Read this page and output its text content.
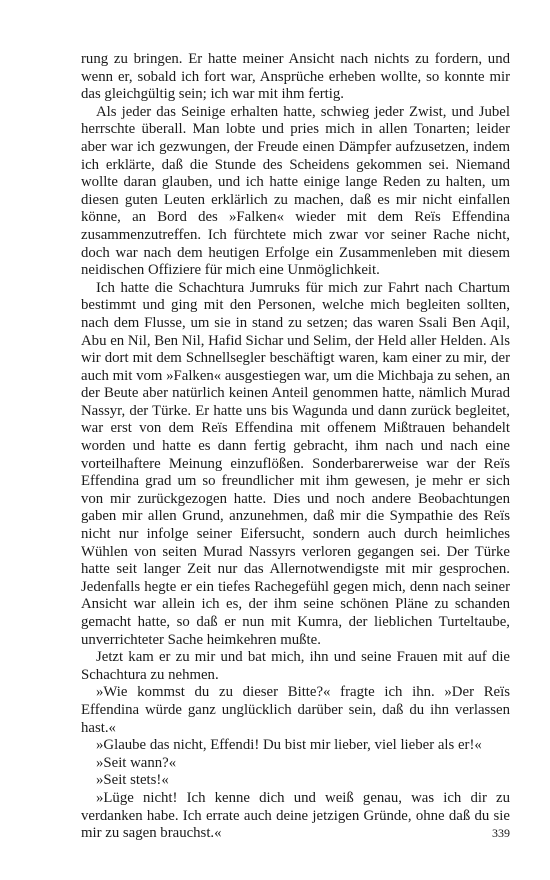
rung zu bringen. Er hatte meiner Ansicht nach nichts zu fordern, und wenn er, sobald ich fort war, Ansprüche erheben wollte, so konnte mir das gleichgültig sein; ich war mit ihm fertig.

Als jeder das Seinige erhalten hatte, schwieg jeder Zwist, und Jubel herrschte überall. Man lobte und pries mich in allen Tonarten; leider aber war ich gezwungen, der Freude einen Dämpfer aufzusetzen, indem ich erklärte, daß die Stunde des Scheidens gekommen sei. Niemand wollte daran glauben, und ich hatte einige lange Reden zu halten, um diesen guten Leuten erklärlich zu machen, daß es mir nicht einfallen könne, an Bord des »Falken« wieder mit dem Reïs Effendina zusammenzutreffen. Ich fürchtete mich zwar vor seiner Rache nicht, doch war nach dem heutigen Erfolge ein Zusammenleben mit diesem neidischen Offiziere für mich eine Unmöglichkeit.

Ich hatte die Schachtura Jumruks für mich zur Fahrt nach Chartum bestimmt und ging mit den Personen, welche mich begleiten sollten, nach dem Flusse, um sie in stand zu setzen; das waren Ssali Ben Aqil, Abu en Nil, Ben Nil, Hafid Sichar und Selim, der Held aller Helden. Als wir dort mit dem Schnellsegler beschäftigt waren, kam einer zu mir, der auch mit vom »Falken« ausgestiegen war, um die Michbaja zu sehen, an der Beute aber natürlich keinen Anteil genommen hatte, nämlich Murad Nassyr, der Türke. Er hatte uns bis Wagunda und dann zurück begleitet, war erst von dem Reïs Effendina mit offenem Mißtrauen behandelt worden und hatte es dann fertig gebracht, ihm nach und nach eine vorteilhaftere Meinung einzuflößen. Sonderbarerweise war der Reïs Effendina grad um so freundlicher mit ihm gewesen, je mehr er sich von mir zurückgezogen hatte. Dies und noch andere Beobachtungen gaben mir allen Grund, anzunehmen, daß mir die Sympathie des Reïs nicht nur infolge seiner Eifersucht, sondern auch durch heimliches Wühlen von seiten Murad Nassyrs verloren gegangen sei. Der Türke hatte seit langer Zeit nur das Allernotwendigste mit mir gesprochen. Jedenfalls hegte er ein tiefes Rachegefühl gegen mich, denn nach seiner Ansicht war allein ich es, der ihm seine schönen Pläne zu schanden gemacht hatte, so daß er nun mit Kumra, der lieblichen Turteltaube, unverrichteter Sache heimkehren mußte.

Jetzt kam er zu mir und bat mich, ihn und seine Frauen mit auf die Schachtura zu nehmen.

»Wie kommst du zu dieser Bitte?« fragte ich ihn. »Der Reïs Effendina würde ganz unglücklich darüber sein, daß du ihn verlassen hast.«

»Glaube das nicht, Effendi! Du bist mir lieber, viel lieber als er!«

»Seit wann?«

»Seit stets!«

»Lüge nicht! Ich kenne dich und weiß genau, was ich dir zu verdanken habe. Ich errate auch deine jetzigen Gründe, ohne daß du sie mir zu sagen brauchst.«	339
